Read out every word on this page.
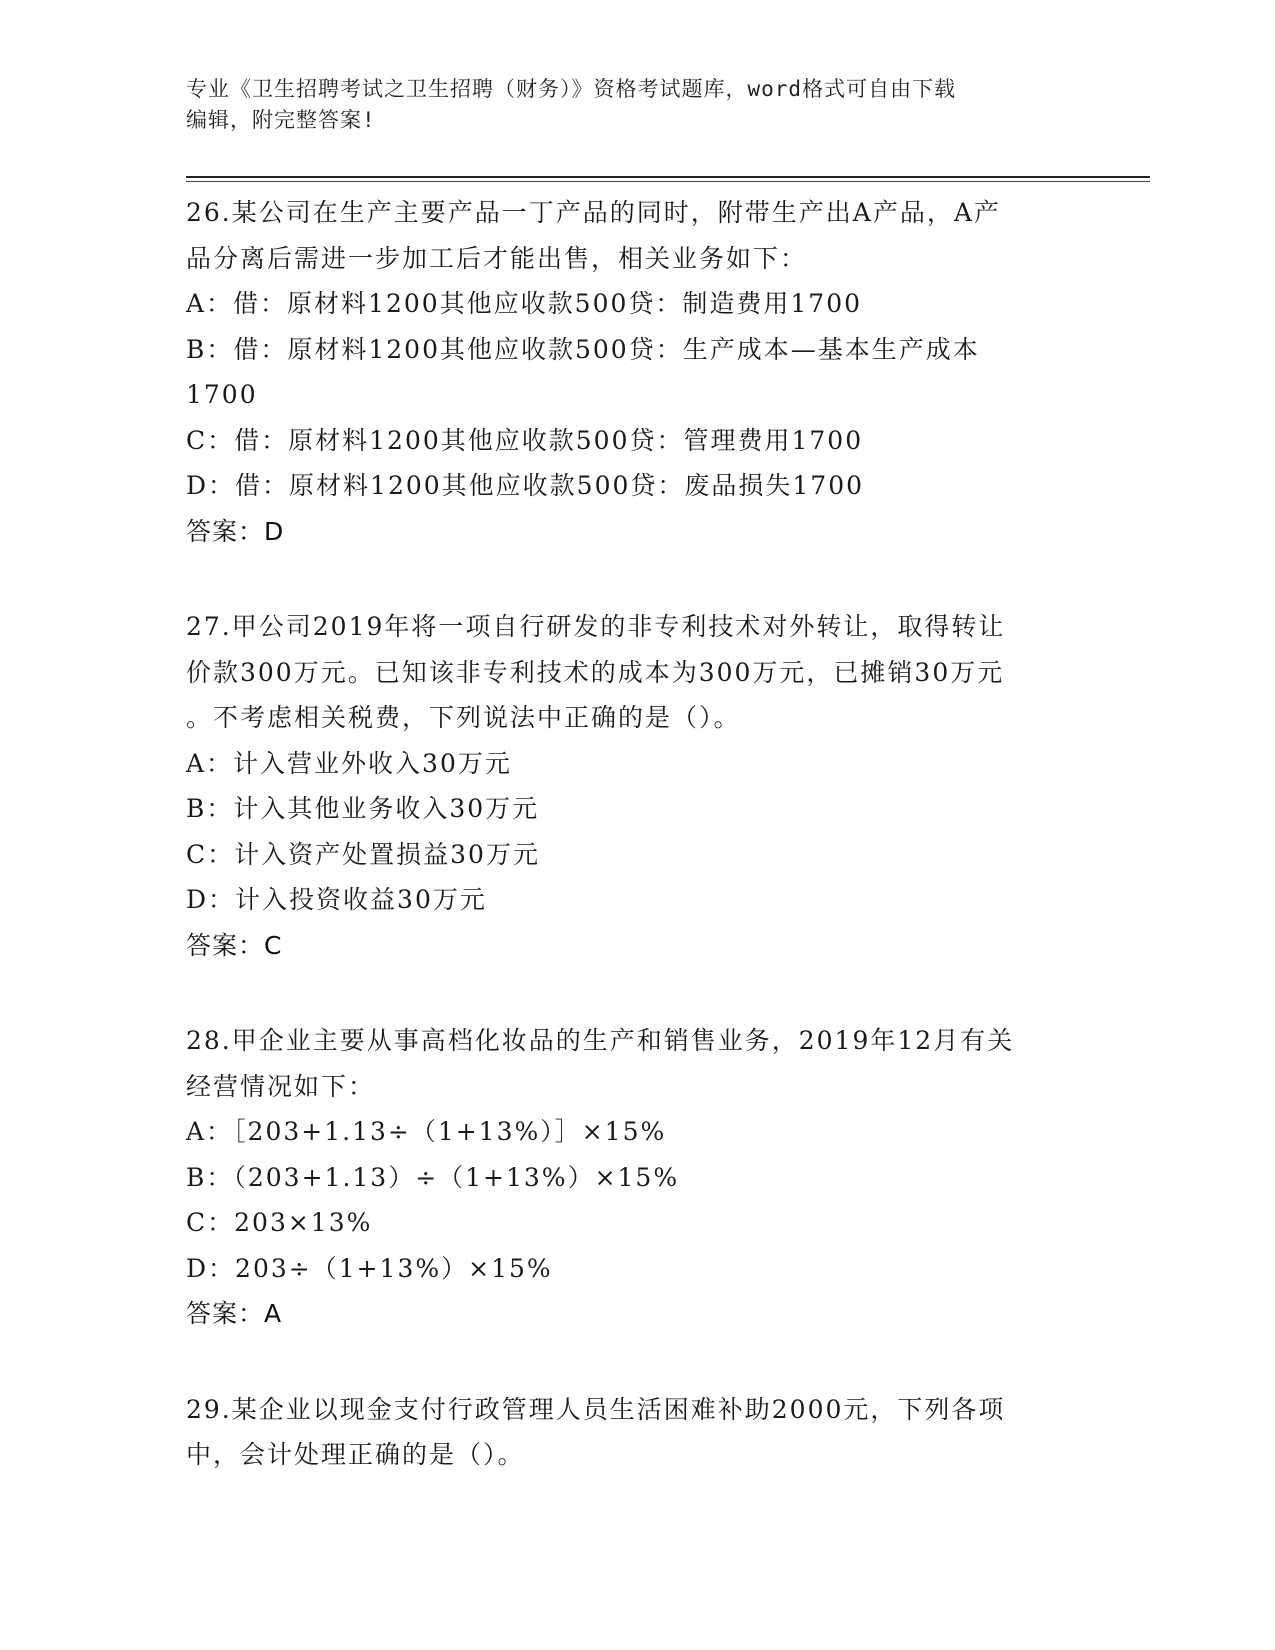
专业《卫生招聘考试之卫生招聘（财务）》资格考试题库，word格式可自由下载
编辑，附完整答案!
26.某公司在生产主要产品一丁产品的同时，附带生产出A产品，A产
品分离后需进一步加工后才能出售，相关业务如下：
A：借：原材料1200其他应收款500贷：制造费用1700
B：借：原材料1200其他应收款500贷：生产成本—基本生产成本
1700
C：借：原材料1200其他应收款500贷：管理费用1700
D：借：原材料1200其他应收款500贷：废品损失1700
答案：D
27.甲公司2019年将一项自行研发的非专利技术对外转让，取得转让
价款300万元。已知该非专利技术的成本为300万元，已摊销30万元
。不考虑相关税费，下列说法中正确的是（）。
A：计入营业外收入30万元
B：计入其他业务收入30万元
C：计入资产处置损益30万元
D：计入投资收益30万元
答案：C
28.甲企业主要从事高档化妆品的生产和销售业务，2019年12月有关
经营情况如下：
A：［203+1.13÷（1+13%）］×15%
B：（203+1.13）÷（1+13%）×15%
C：203×13%
D：203÷（1+13%）×15%
答案：A
29.某企业以现金支付行政管理人员生活困难补助2000元，下列各项
中，会计处理正确的是（）。
